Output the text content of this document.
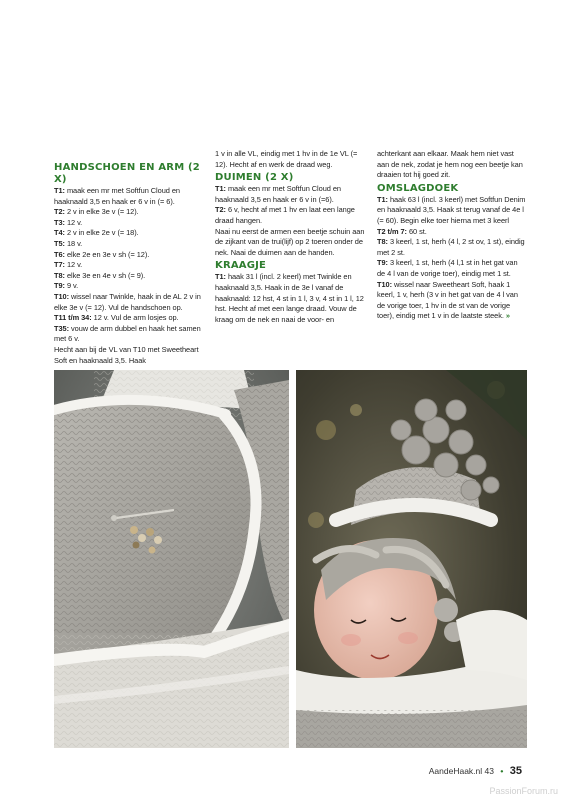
HANDSCHOEN EN ARM (2 X)

T1: maak een mr met Softfun Cloud en haaknaald 3,5 en haak er 6 v in (= 6).

T2: 2 v in elke 3e v (= 12).

T3: 12 v.

T4: 2 v in elke 2e v (= 18).

T5: 18 v.

T6: elke 2e en 3e v sh (= 12).

T7: 12 v.

T8: elke 3e en 4e v sh (= 9).

T9: 9 v.

T10: wissel naar Twinkle, haak in de AL 2 v in elke 3e v (= 12). Vul de handschoen op.

T11 t/m 34: 12 v. Vul de arm losjes op.

T35: vouw de arm dubbel en haak het samen met 6 v.

Hecht aan bij de VL van T10 met Sweetheart Soft en haaknaald 3,5. Haak

1 v in alle VL, eindig met 1 hv in de 1e VL (= 12). Hecht af en werk de draad weg.

DUIMEN (2 X)

T1: maak een mr met Softfun Cloud en haaknaald 3,5 en haak er 6 v in (=6).

T2: 6 v, hecht af met 1 hv en laat een lange draad hangen.

Naai nu eerst de armen een beetje schuin aan de zijkant van de trui(lijf) op 2 toeren onder de nek. Naai de duimen aan de handen.

KRAAGJE

T1: haak 31 l (incl. 2 keerl) met Twinkle en haaknaald 3,5. Haak in de 3e l vanaf de haaknaald: 12 hst, 4 st in 1 l, 3 v, 4 st in 1 l, 12 hst. Hecht af met een lange draad. Vouw de kraag om de nek en naai de voor- en

achterkant aan elkaar. Maak hem niet vast aan de nek, zodat je hem nog een beetje kan draaien tot hij goed zit.

OMSLAGDOEK

T1: haak 63 l (incl. 3 keerl) met Softfun Denim en haaknaald 3,5. Haak st terug vanaf de 4e l (= 60). Begin elke toer hierna met 3 keerl

T2 t/m 7: 60 st.

T8: 3 keerl, 1 st, herh (4 l, 2 st ov, 1 st), eindig met 2 st.

T9: 3 keerl, 1 st, herh (4 l,1 st in het gat van de 4 l van de vorige toer), eindig met 1 st.

T10: wissel naar Sweetheart Soft, haak 1 keerl, 1 v, herh (3 v in het gat van de 4 l van de vorige toer, 1 hv in de st van de vorige toer), eindig met 1 v in de laatste steek. »

AandeHaak.nl 43 • 35
PassionForum.ru
